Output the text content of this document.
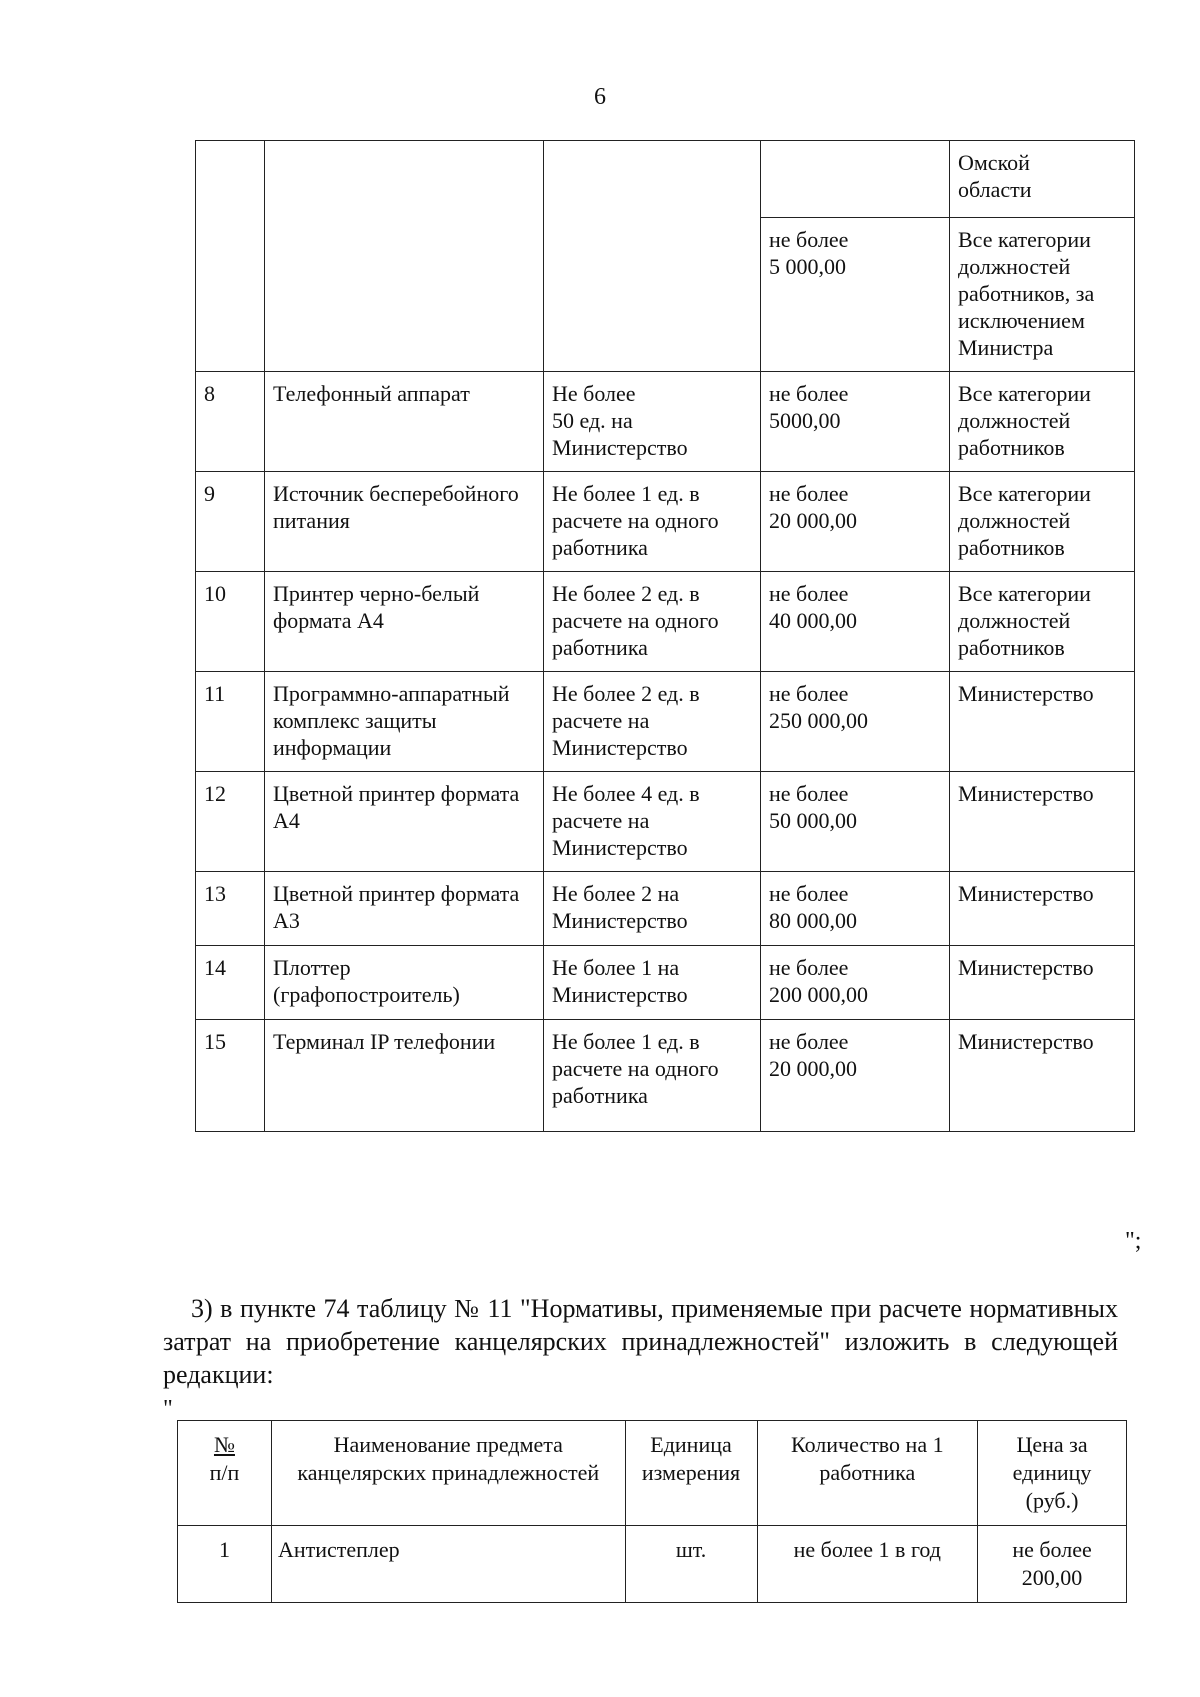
6
				Омской
области
			не более
5 000,00	Все категории
должностей
работников, за
исключением
Министра
8	Телефонный аппарат	Не более
50 ед. на
Министерство	не более
5000,00	Все категории
должностей
работников
9	Источник бесперебойного
питания	Не более 1 ед. в
расчете на одного
работника	не более
20 000,00	Все категории
должностей
работников
10	Принтер черно-белый
формата А4	Не более 2 ед. в
расчете на одного
работника	не более
40 000,00	Все категории
должностей
работников
11	Программно-аппаратный
комплекс защиты
информации	Не более 2 ед. в
расчете на
Министерство	не более
250 000,00	Министерство
12	Цветной принтер формата
А4	Не более 4 ед. в
расчете на
Министерство	не более
50 000,00	Министерство
13	Цветной принтер формата
А3	Не более 2 на
Министерство	не более
80 000,00	Министерство
14	Плоттер
(графопостроитель)	Не более 1 на
Министерство	не более
200 000,00	Министерство
15	Терминал IP телефонии	Не более 1 ед. в
расчете на одного
работника	не более
20 000,00	Министерство
";
3) в пункте 74 таблицу № 11 "Нормативы, применяемые при расчете нормативных затрат на приобретение канцелярских принадлежностей" изложить в следующей редакции:
"
№
п/п	Наименование предмета
канцелярских принадлежностей	Единица
измерения	Количество на 1
работника	Цена за
единицу
(руб.)
1	Антистеплер	шт.	не более 1 в год	не более
200,00
